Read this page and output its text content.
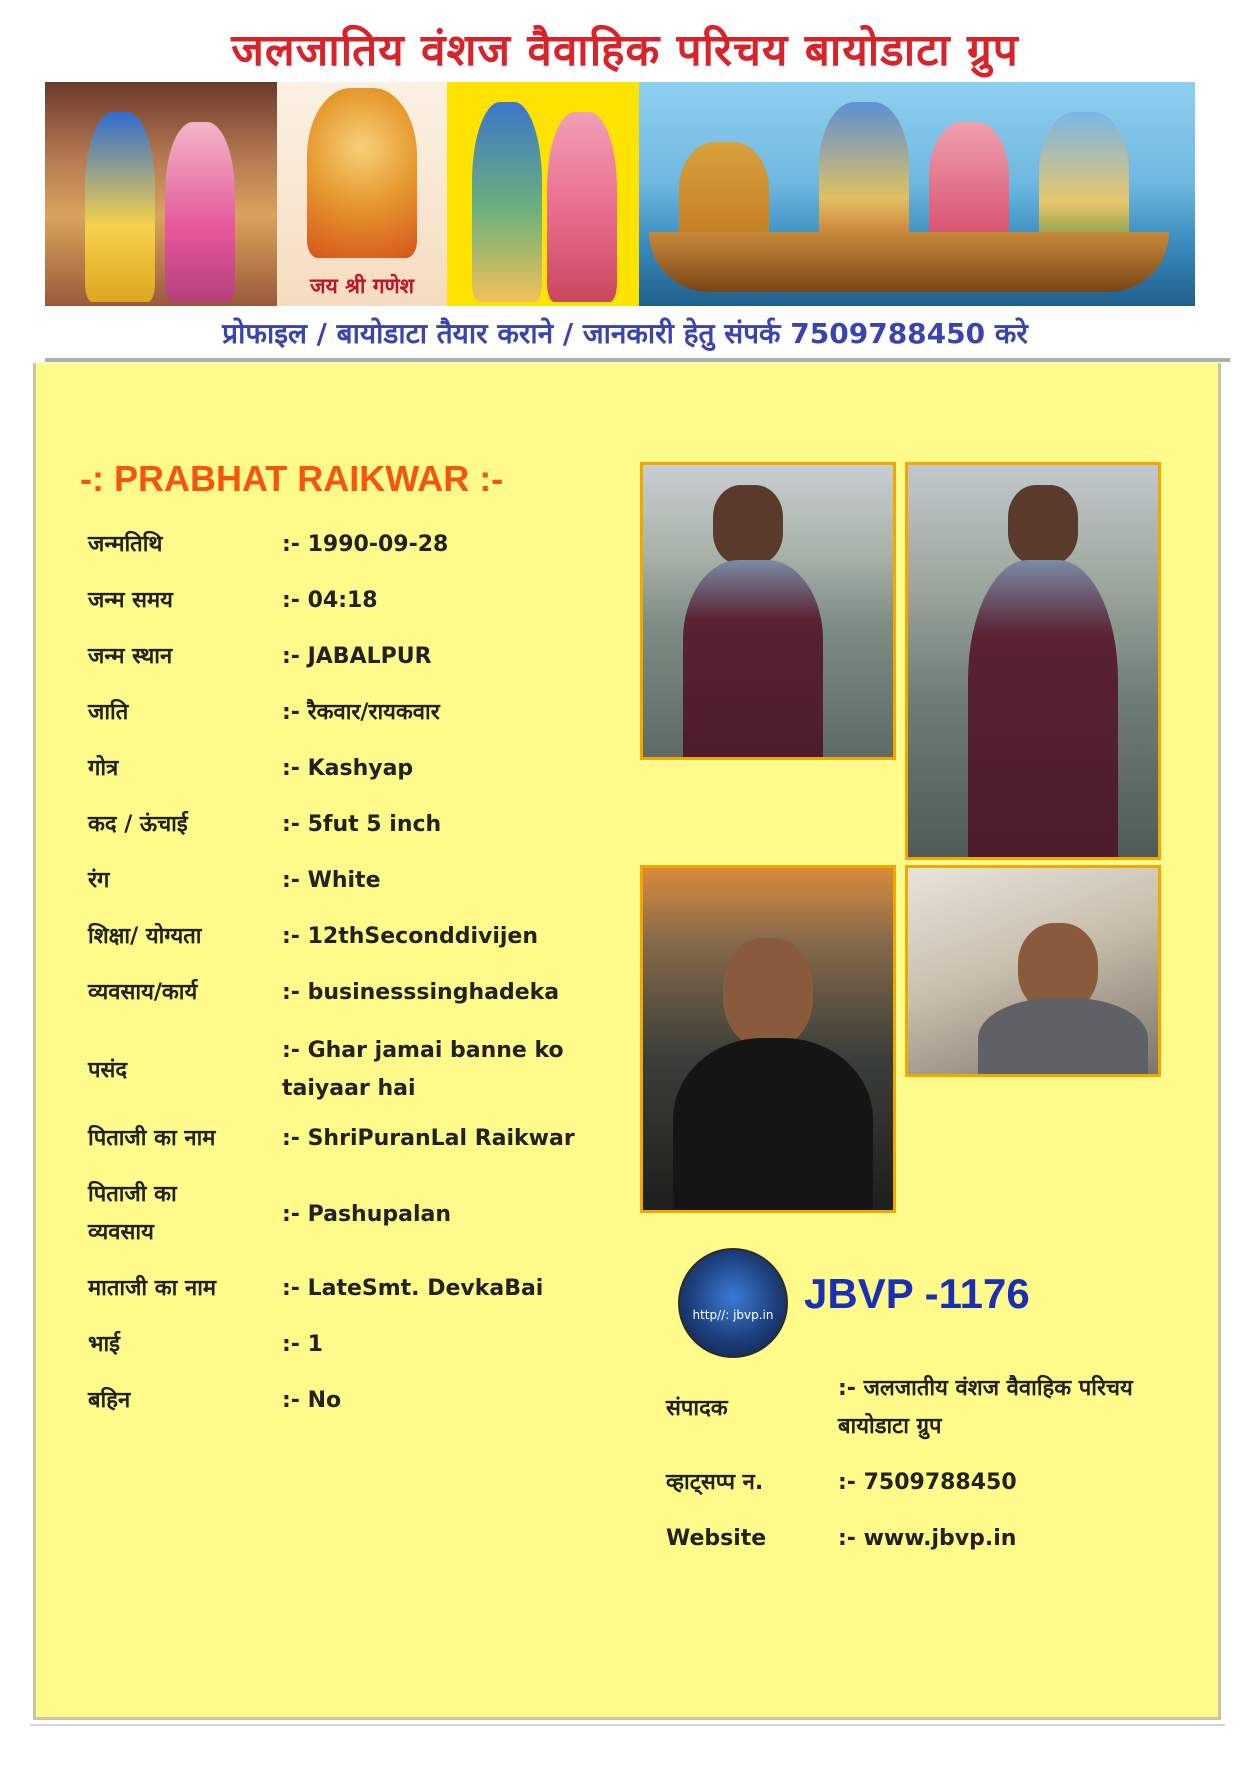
जलजातिय वंशज वैवाहिक परिचय बायोडाटा ग्रुप
जय श्री गणेश
प्रोफाइल / बायोडाटा तैयार कराने / जानकारी हेतु संपर्क 7509788450 करे
-: PRABHAT RAIKWAR :-
जन्मतिथि	:- 1990-09-28
जन्म समय	:- 04:18
जन्म स्थान	:- JABALPUR
जाति	:- रैकवार/रायकवार
गोत्र	:- Kashyap
कद / ऊंचाई	:- 5fut 5 inch
रंग	:- White
शिक्षा/ योग्यता	:- 12thSeconddivijen
व्यवसाय/कार्य	:- businesssinghadeka
पसंद
:- Ghar jamai banne ko taiyaar hai
पिताजी का नाम	:- ShriPuranLal Raikwar
पिताजी का व्यवसाय
:- Pashupalan
माताजी का नाम	:- LateSmt. DevkaBai
भाई	:- 1
बहिन	:- No
http//: jbvp.in JBVP -1176
संपादक
:- जलजातीय वंशज वैवाहिक परिचय बायोडाटा ग्रुप
व्हाट्सप्प न.	:- 7509788450
Website	:- www.jbvp.in
